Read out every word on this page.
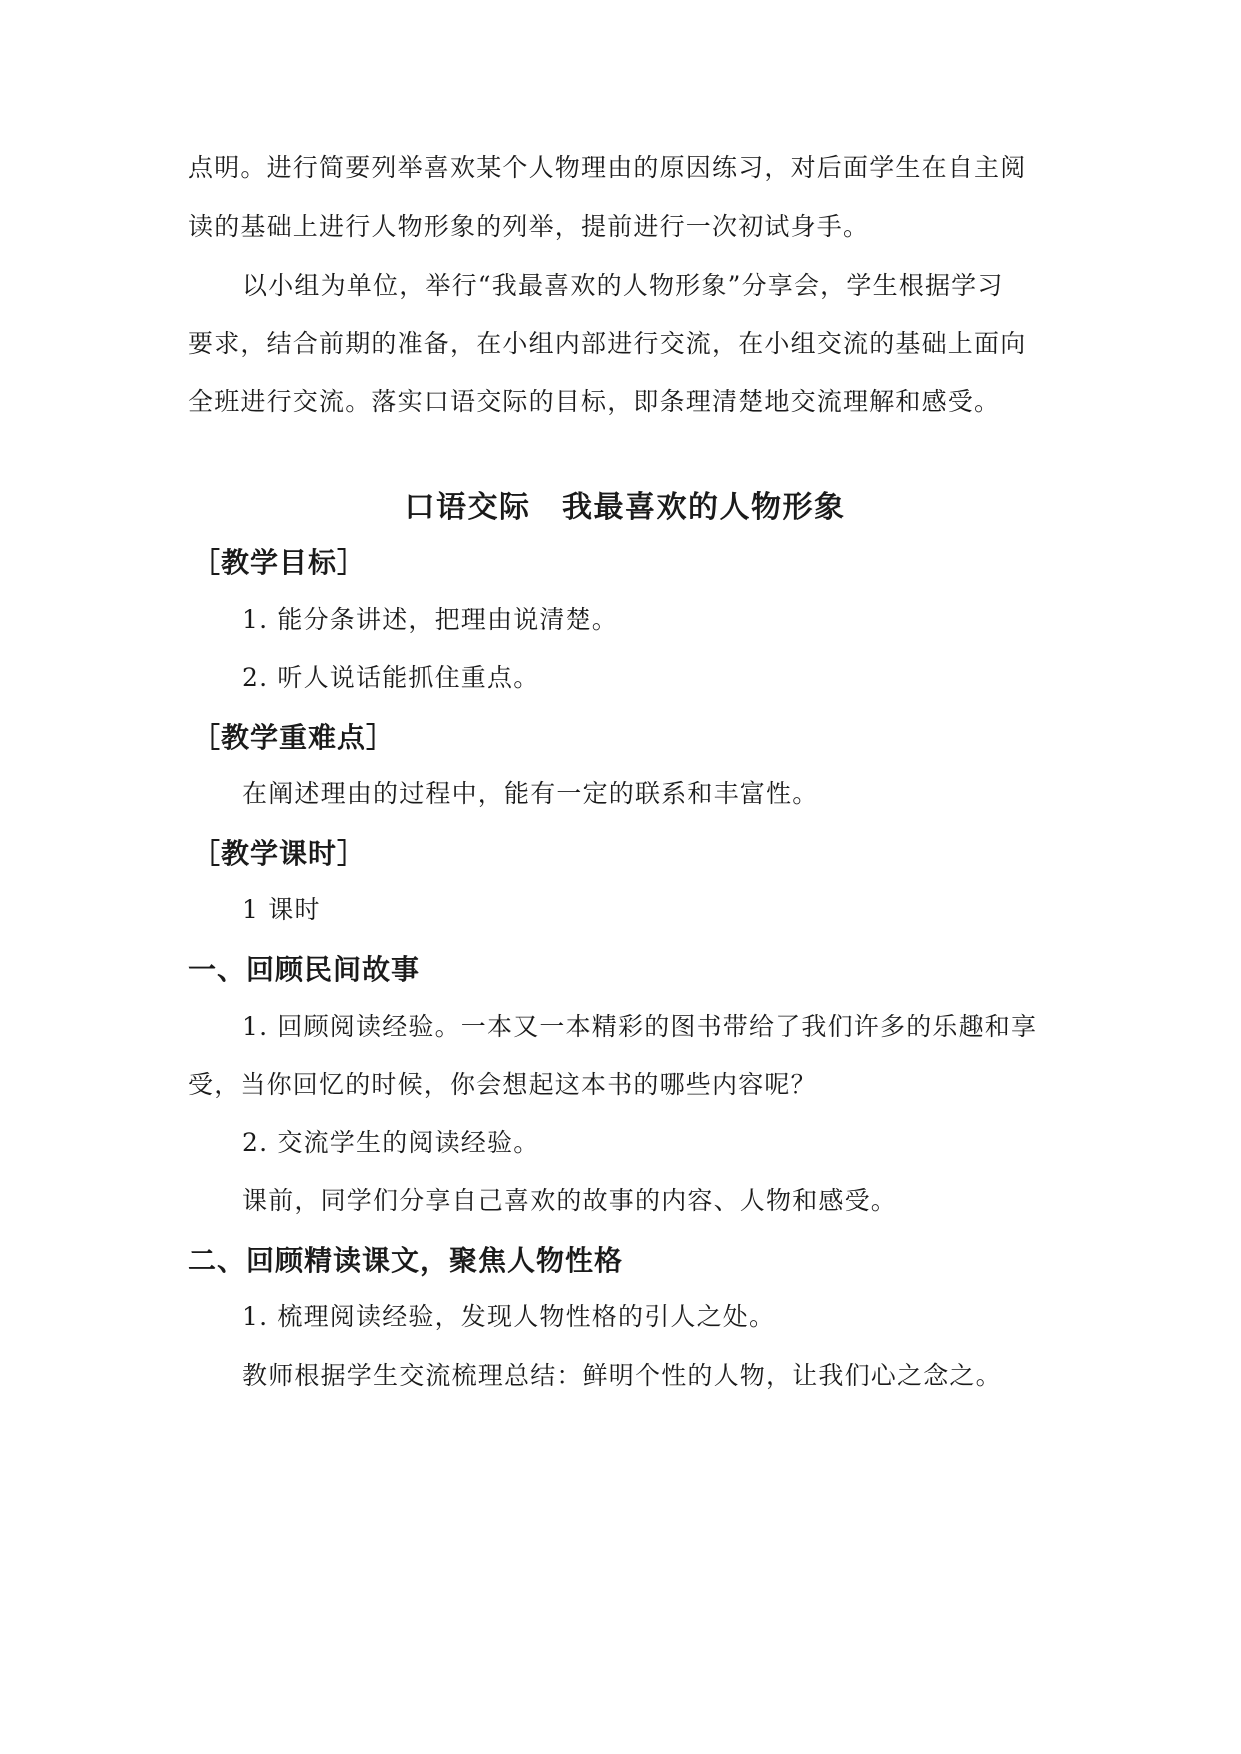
点明。进行简要列举喜欢某个人物理由的原因练习，对后面学生在自主阅

读的基础上进行人物形象的列举，提前进行一次初试身手。

以小组为单位，举行“我最喜欢的人物形象”分享会，学生根据学习

要求，结合前期的准备，在小组内部进行交流，在小组交流的基础上面向

全班进行交流。落实口语交际的目标，即条理清楚地交流理解和感受。

口语交际　我最喜欢的人物形象
［教学目标］

1. 能分条讲述，把理由说清楚。

2. 听人说话能抓住重点。

［教学重难点］

在阐述理由的过程中，能有一定的联系和丰富性。

［教学课时］

1 课时

一、回顾民间故事

1. 回顾阅读经验。一本又一本精彩的图书带给了我们许多的乐趣和享

受，当你回忆的时候，你会想起这本书的哪些内容呢？

2. 交流学生的阅读经验。

课前，同学们分享自己喜欢的故事的内容、人物和感受。

二、回顾精读课文，聚焦人物性格

1. 梳理阅读经验，发现人物性格的引人之处。

教师根据学生交流梳理总结：鲜明个性的人物，让我们心之念之。
